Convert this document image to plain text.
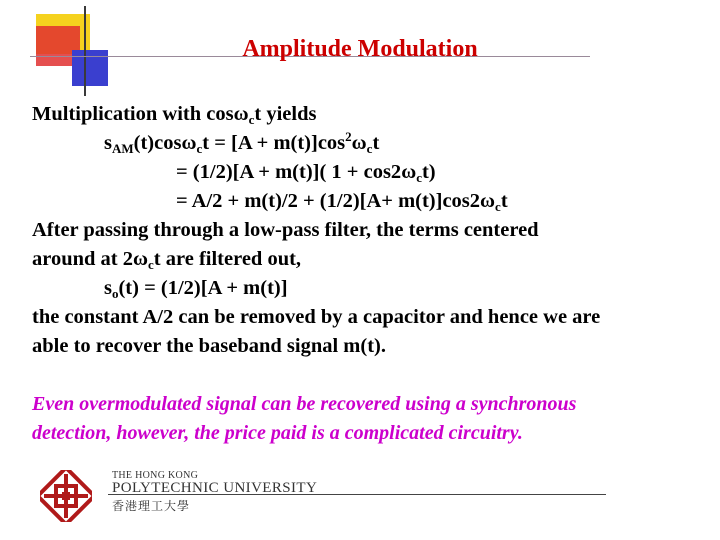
Amplitude Modulation
Multiplication with cosω$_c$t yields
$s_{AM}(t)\cos\omega_ct = [A + m(t)]\cos^2\omega_ct$
= (1/2)[A + m(t)]( $1 + \cos 2\omega_ct$)
= $A/2 + m(t)/2 + (1/2)[A+ m(t)]\cos 2\omega_ct$
After passing through a low-pass filter, the terms centered
around at $2\omega_ct$ are filtered out,
$s_o(t) = (1/2)[A + m(t)]$
the constant A/2 can be removed by a capacitor and hence we are
able to recover the baseband signal m(t).
Even overmodulated signal can be recovered using a synchronous
detection, however, the price paid is a complicated circuitry.
THE HONG KONG
POLYTECHNIC UNIVERSITY
香港理工大學
